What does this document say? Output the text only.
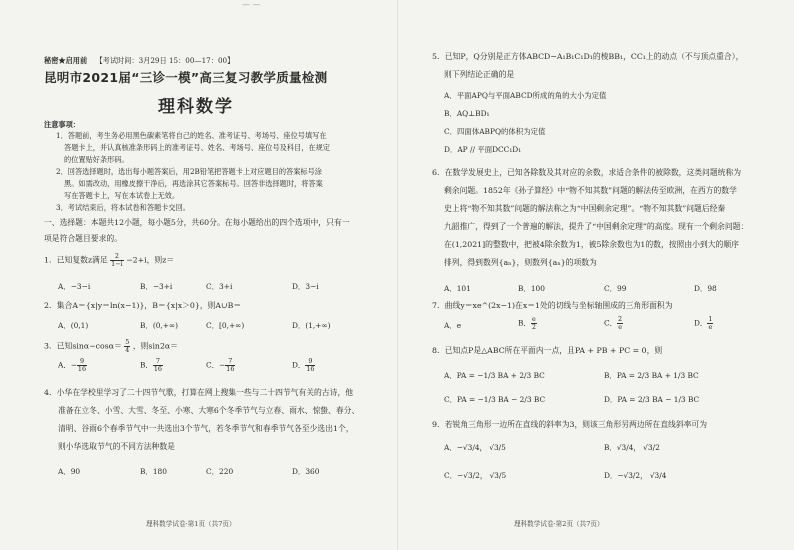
— —
秘密★启用前 【考试时间：3月29日 15：00—17：00】
昆明市2021届“三诊一模”高三复习教学质量检测
理科数学
注意事项：
1．答题前，考生务必用黑色碳素笔将自己的姓名、准考证号、考场号、座位号填写在
答题卡上，并认真核准条形码上的准考证号、姓名、考场号、座位号及科目，在规定
的位置贴好条形码。
2．回答选择题时，选出每小题答案后，用2B铅笔把答题卡上对应题目的答案标号涂
黑。如需改动，用橡皮擦干净后，再选涂其它答案标号。回答非选择题时，将答案
写在答题卡上，写在本试卷上无效。
3．考试结束后，将本试卷和答题卡交回。
一、选择题：本题共12小题，每小题5分，共60分。在每小题给出的四个选项中，只有一
项是符合题目要求的。
1．已知复数z满足 $\frac{2}{1-i} -2+i$，则z＝
A．−3−i	B．−3+i	C．3+i	D．3−i
2．集合A＝{x|y＝ln(x−1)}，B＝{x|x＞0}，则A∪B＝
A．(0,1)	B．(0,+∞)	C．[0,+∞)	D．(1,+∞)
3．已知$\sin\alpha-\cos\alpha= \frac{5}{4}$ ，则sin2α＝
A．− $\frac{9}{16}$	B． $\frac{7}{16}$	C．− $\frac{7}{16}$	D． $\frac{9}{16}$
4．小华在学校里学习了二十四节气歌，打算在网上搜集一些与二十四节气有关的古诗，他
准备在立冬、小雪、大雪、冬至、小寒、大寒6个冬季节气与立春、雨水、惊蛰、春分、
清明、谷雨6个春季节气中一共选出3个节气，若冬季节气和春季节气各至少选出1个，
则小华选取节气的不同方法种数是
A．90	B．180	C．220	D．360
理科数学试卷·第1页（共7页）
5．已知P，Q分别是正方体ABCD−A₁B₁C₁D₁的棱BB₁，CC₁上的动点（不与顶点重合），
则下列结论正确的是
A．平面APQ与平面ABCD所成的角的大小为定值
B．AQ⊥BD₁
C．四面体ABPQ的体积为定值
D．AP // 平面DCC₁D₁
6．在数学发展史上，已知各除数及其对应的余数，求适合条件的被除数，这类问题统称为
剩余问题。1852年《孙子算经》中“物不知其数”问题的解法传至欧洲，在西方的数学
史上将“物不知其数”问题的解法称之为“中国剩余定理”。“物不知其数”问题后经秦
九韶推广，得到了一个普遍的解法，提升了“中国剩余定理”的高度。现有一个剩余问题：
在(1,2021]的整数中，把被4除余数为1，被5除余数也为1的数，按照由小到大的顺序
排列，得到数列{aₙ}，则数列{aₙ}的项数为
A．101	B．100	C．99	D．98
7．曲线y＝xe^(2x−1)在x＝1处的切线与坐标轴围成的三角形面积为
A．e	B． $\frac{e}{2}$	C． $\frac{2}{e}$	D． $\frac{1}{e}$
8．已知点P是△ABC所在平面内一点，且PA + PB + PC = 0，则
A．PA = −1/3 BA + 2/3 BC	B．PA = 2/3 BA + 1/3 BC
C．PA = −1/3 BA − 2/3 BC	D．PA = 2/3 BA − 1/3 BC
9．若锐角三角形一边所在直线的斜率为3，则该三角形另两边所在直线斜率可为
A．−√3/4， √3/5	B．√3/4， √3/2
C．−√3/2， √3/5	D．−√3/2， √3/4
理科数学试卷·第2页（共7页）
